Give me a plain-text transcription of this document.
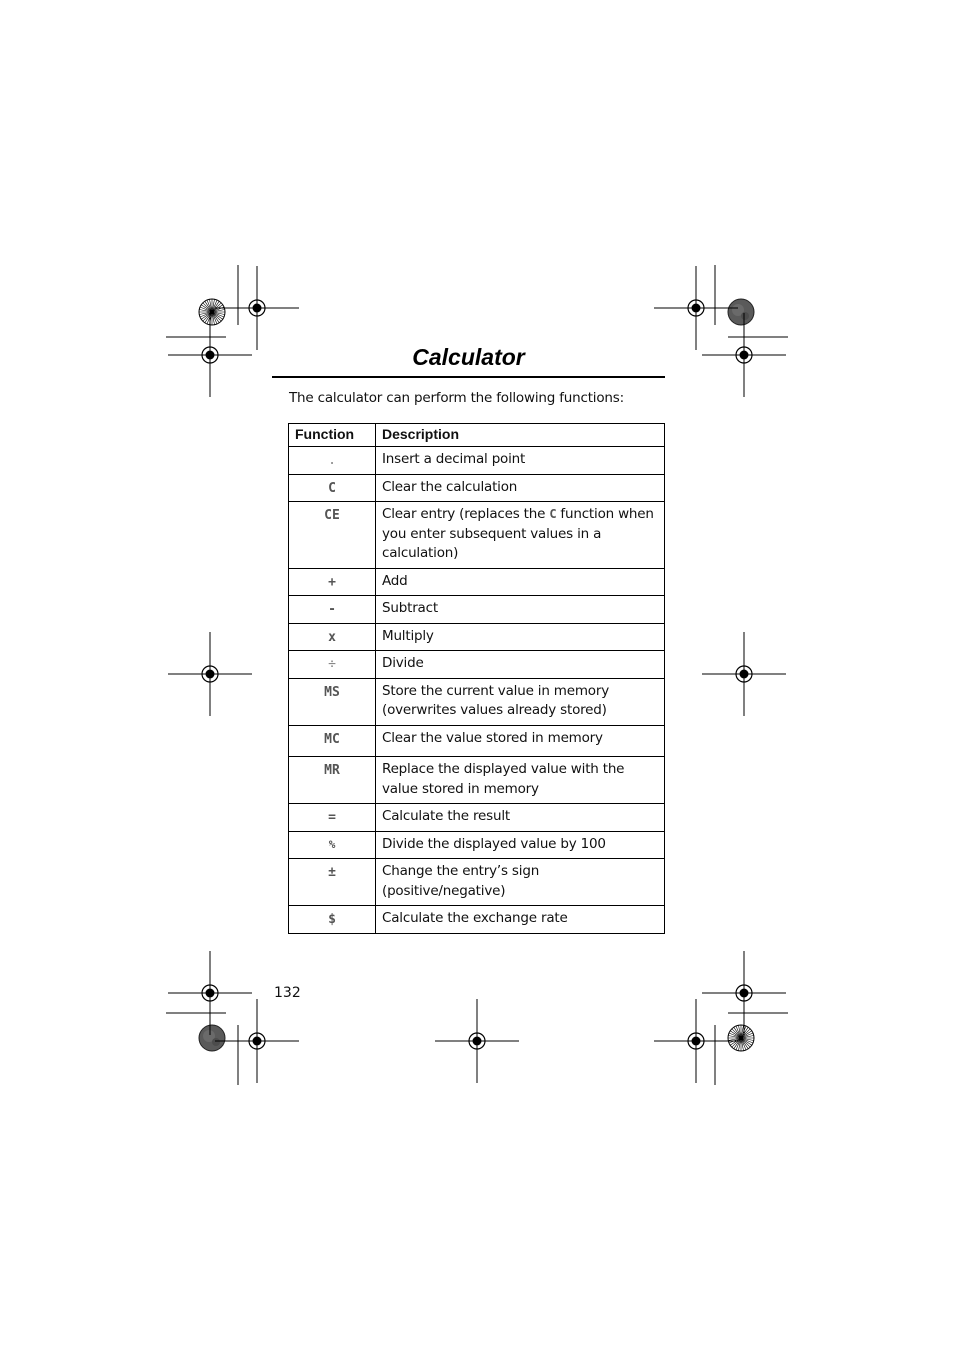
Calculator
The calculator can perform the following functions:
Function	Description
.	Insert a decimal point
C	Clear the calculation
CE	Clear entry (replaces the C function when you enter subsequent values in a calculation)
+	Add
-	Subtract
x	Multiply
÷	Divide
MS	Store the current value in memory (overwrites values already stored)
MC	Clear the value stored in memory
MR	Replace the displayed value with the value stored in memory
=	Calculate the result
%	Divide the displayed value by 100
±	Change the entry’s sign (positive/negative)
$	Calculate the exchange rate
132
